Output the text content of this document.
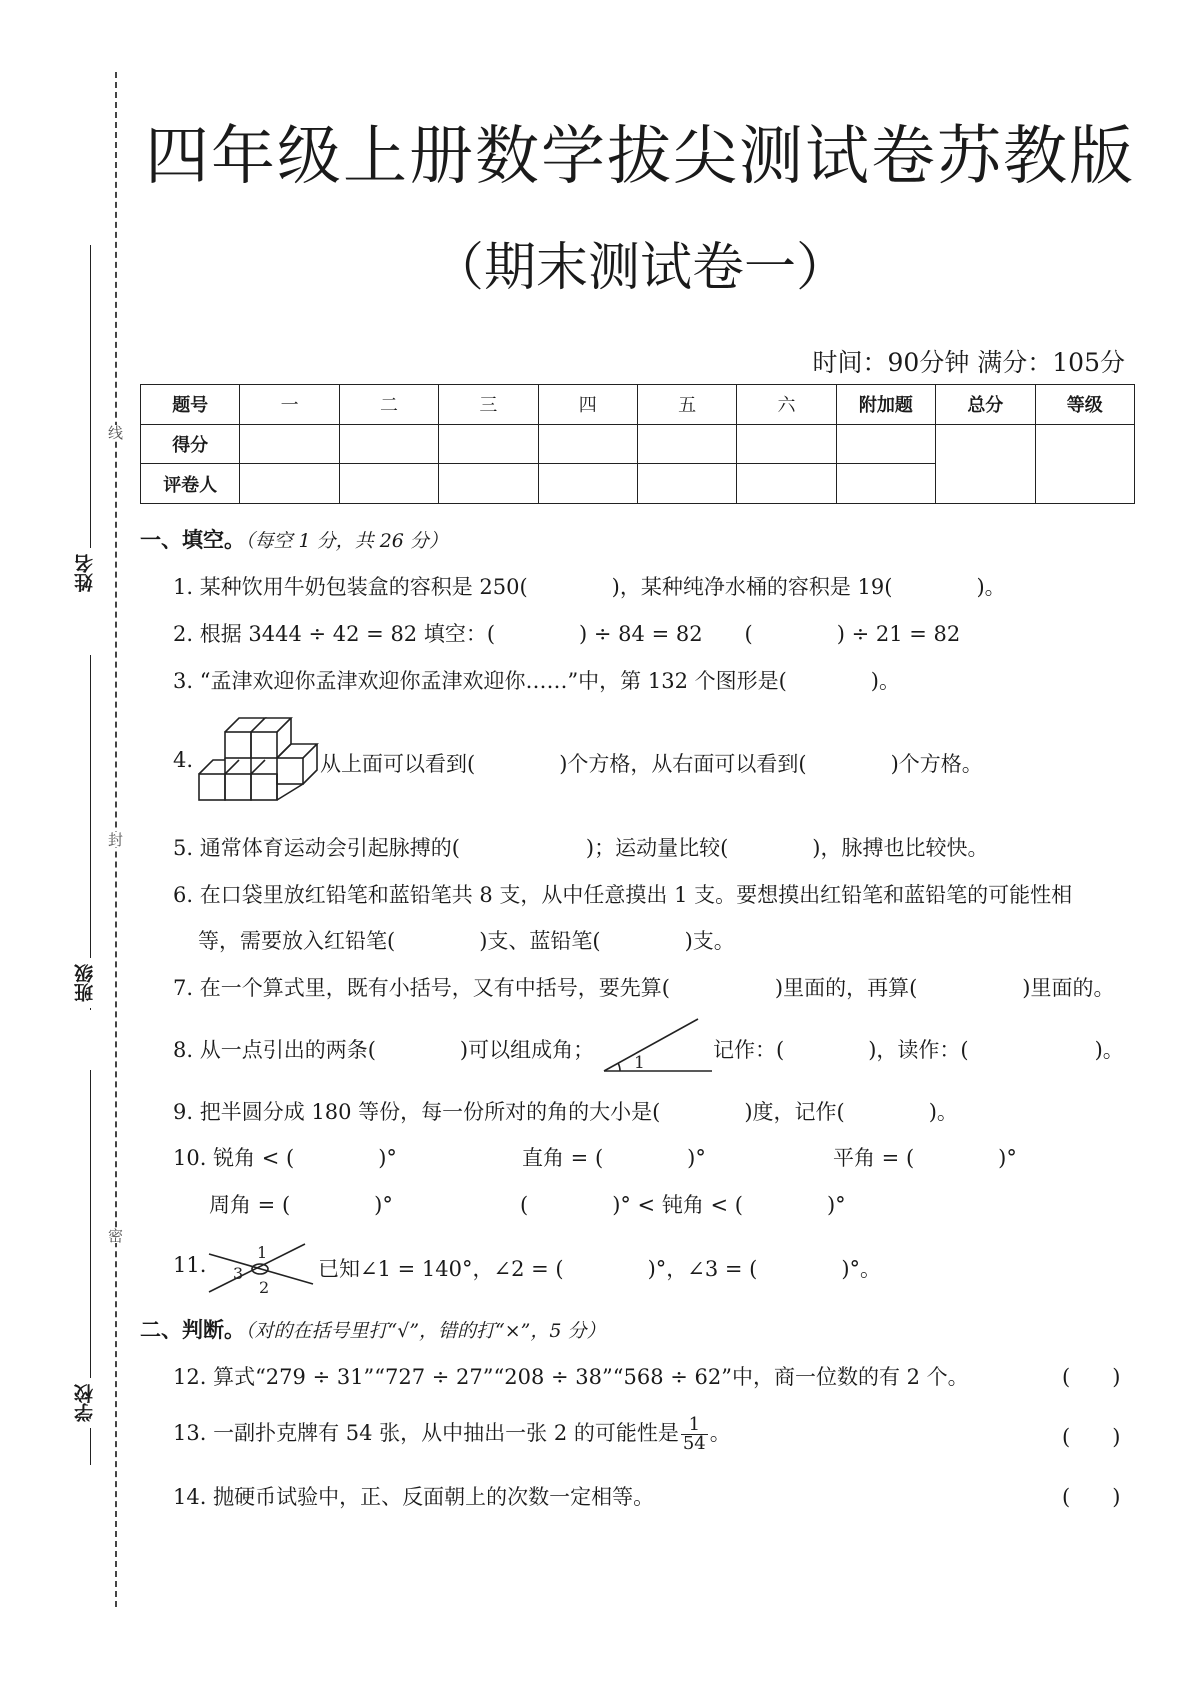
姓名
班级
学校
线
封
密
四年级上册数学拔尖测试卷苏教版
（期末测试卷一）
时间：90分钟 满分：105分
题号	一	二	三	四	五	六	附加题	总分	等级
得分									
评卷人									
一、填空。（每空 1 分，共 26 分）
1. 某种饮用牛奶包装盒的容积是 250(　　　　)，某种纯净水桶的容积是 19(　　　　)。
2. 根据 3444 ÷ 42 = 82 填空：(　　　　) ÷ 84 = 82　　(　　　　) ÷ 21 = 82
3. “孟津欢迎你孟津欢迎你孟津欢迎你……”中，第 132 个图形是(　　　　)。
4.	从上面可以看到(　　　　)个方格，从右面可以看到(　　　　)个方格。
5. 通常体育运动会引起脉搏的(　　　　　　)；运动量比较(　　　　)，脉搏也比较快。
6. 在口袋里放红铅笔和蓝铅笔共 8 支，从中任意摸出 1 支。要想摸出红铅笔和蓝铅笔的可能性相
等，需要放入红铅笔(　　　　)支、蓝铅笔(　　　　)支。
7. 在一个算式里，既有小括号，又有中括号，要先算(　　　　　)里面的，再算(　　　　　)里面的。
8. 从一点引出的两条(　　　　)可以组成角；
1
记作：(　　　　)，读作：(　　　　　　)。
9. 把半圆分成 180 等份，每一份所对的角的大小是(　　　　)度，记作(　　　　)。
10. 锐角 < (　　　　)°	直角 = (　　　　)°	平角 = (　　　　)°
周角 = (　　　　)°	(　　　　)° < 钝角 < (　　　　)°
11.
1
3
2
已知∠1 = 140°，∠2 = (　　　　)°，∠3 = (　　　　)°。
二、判断。（对的在括号里打“√”，错的打“×”，5 分）
12. 算式“279 ÷ 31”“727 ÷ 27”“208 ÷ 38”“568 ÷ 62”中，商一位数的有 2 个。	(　　)
13. 一副扑克牌有 54 张，从中抽出一张 2 的可能性是 $\frac{1}{54}$ 。	(　　)
14. 抛硬币试验中，正、反面朝上的次数一定相等。	(　　)
